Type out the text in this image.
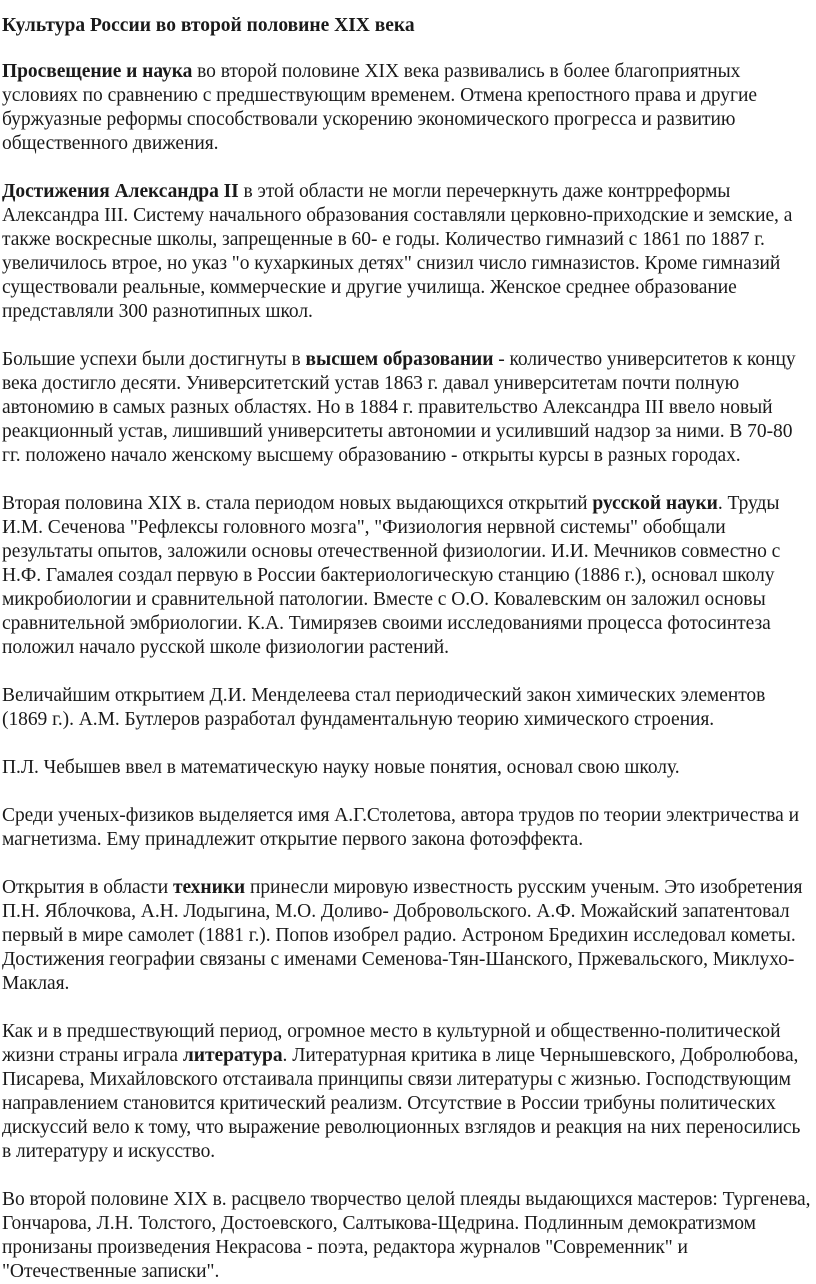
Культура России во второй половине XIX века

Просвещение и наука во второй половине XIX века развивались в более благоприятных условиях по сравнению с предшествующим временем. Отмена крепостного права и другие буржуазные реформы способствовали ускорению экономического прогресса и развитию общественного движения.

Достижения Александра II в этой области не могли перечеркнуть даже контрреформы Александра III. Систему начального образования составляли церковно-приходские и земские, а также воскресные школы, запрещенные в 60- е годы. Количество гимназий с 1861 по 1887 г. увеличилось втрое, но указ "о кухаркиных детях" снизил число гимназистов. Кроме гимназий существовали реальные, коммерческие и другие училища. Женское среднее образование представляли 300 разнотипных школ.

Большие успехи были достигнуты в высшем образовании - количество университетов к концу века достигло десяти. Университетский устав 1863 г. давал университетам почти полную автономию в самых разных областях. Но в 1884 г. правительство Александра III ввело новый реакционный устав, лишивший университеты автономии и усиливший надзор за ними. В 70-80 гг. положено начало женскому высшему образованию - открыты курсы в разных городах.

Вторая половина XIX в. стала периодом новых выдающихся открытий русской науки. Труды И.М. Сеченова "Рефлексы головного мозга", "Физиология нервной системы" обобщали результаты опытов, заложили основы отечественной физиологии. И.И. Мечников совместно с Н.Ф. Гамалея создал первую в России бактериологическую станцию (1886 г.), основал школу микробиологии и сравнительной патологии. Вместе с О.О. Ковалевским он заложил основы сравнительной эмбриологии. К.А. Тимирязев своими исследованиями процесса фотосинтеза положил начало русской школе физиологии растений.

Величайшим открытием Д.И. Менделеева стал периодический закон химических элементов (1869 г.). А.М. Бутлеров разработал фундаментальную теорию химического строения.

П.Л. Чебышев ввел в математическую науку новые понятия, основал свою школу.

Среди ученых-физиков выделяется имя А.Г.Столетова, автора трудов по теории электричества и магнетизма. Ему принадлежит открытие первого закона фотоэффекта.

Открытия в области техники принесли мировую известность русским ученым. Это изобретения П.Н. Яблочкова, А.Н. Лодыгина, М.О. Доливо- Добровольского. А.Ф. Можайский запатентовал первый в мире самолет (1881 г.). Попов изобрел радио. Астроном Бредихин исследовал кометы. Достижения географии связаны с именами Семенова-Тян-Шанского, Пржевальского, Миклухо-Маклая.

Как и в предшествующий период, огромное место в культурной и общественно-политической жизни страны играла литература. Литературная критика в лице Чернышевского, Добролюбова, Писарева, Михайловского отстаивала принципы связи литературы с жизнью. Господствующим направлением становится критический реализм. Отсутствие в России трибуны политических дискуссий вело к тому, что выражение революционных взглядов и реакция на них переносились в литературу и искусство.

Во второй половине XIX в. расцвело творчество целой плеяды выдающихся мастеров: Тургенева, Гончарова, Л.Н. Толстого, Достоевского, Салтыкова-Щедрина. Подлинным демократизмом пронизаны произведения Некрасова - поэта, редактора журналов "Современник" и "Отечественные записки".
